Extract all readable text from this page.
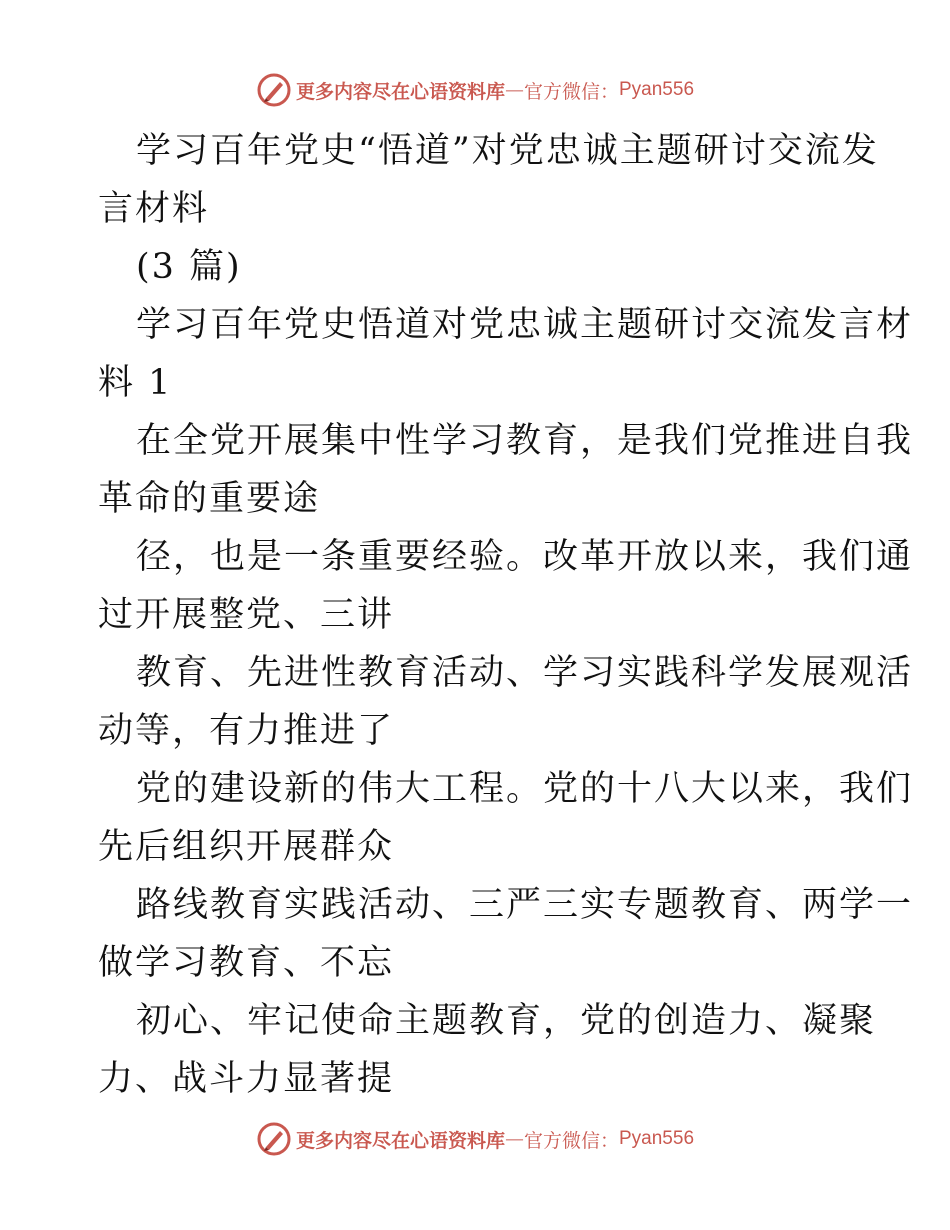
更多内容尽在心语资料库 — 官方微信： Pyan556
学习百年党史“悟道”对党忠诚主题研讨交流发
言材料
(3 篇)
学习百年党史悟道对党忠诚主题研讨交流发言材
料 1
在全党开展集中性学习教育，是我们党推进自我
革命的重要途
径，也是一条重要经验。改革开放以来，我们通
过开展整党、三讲
教育、先进性教育活动、学习实践科学发展观活
动等，有力推进了
党的建设新的伟大工程。党的十八大以来，我们
先后组织开展群众
路线教育实践活动、三严三实专题教育、两学一
做学习教育、不忘
初心、牢记使命主题教育，党的创造力、凝聚
力、战斗力显著提
更多内容尽在心语资料库 — 官方微信： Pyan556
